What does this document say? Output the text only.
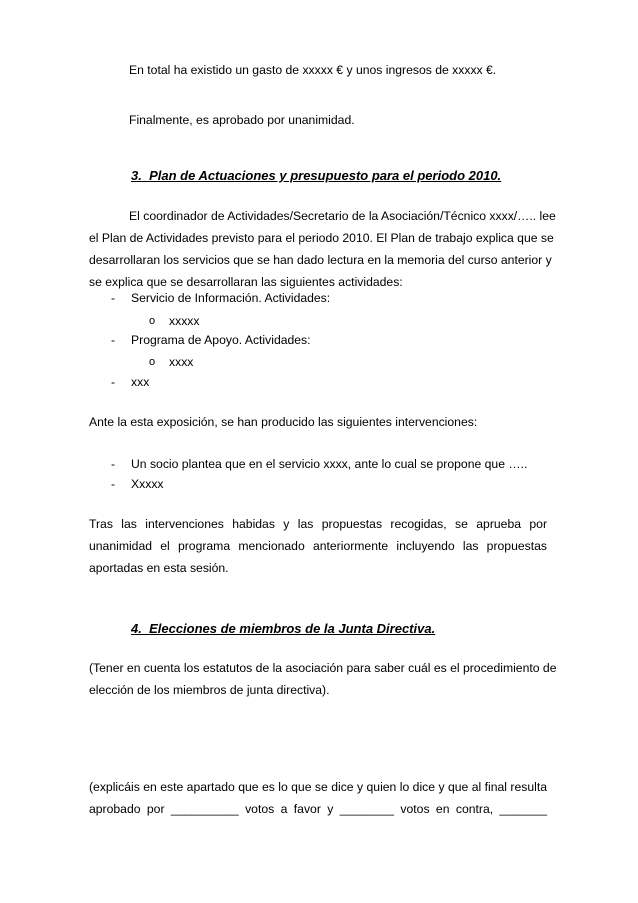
En total ha existido un gasto de xxxxx € y unos ingresos de xxxxx €.
Finalmente, es aprobado por unanimidad.
3. Plan de Actuaciones y presupuesto para el periodo 2010.
El coordinador de Actividades/Secretario de la Asociación/Técnico xxxx/….. lee
el Plan de Actividades previsto para el periodo 2010. El Plan de trabajo explica que se
desarrollaran los servicios que se han dado lectura en la memoria del curso anterior y
se explica que se desarrollaran las siguientes actividades:
- Servicio de Información. Actividades:
o xxxxx
- Programa de Apoyo. Actividades:
o xxxx
- xxx
Ante la esta exposición, se han producido las siguientes intervenciones:
- Un socio plantea que en el servicio xxxx, ante lo cual se propone que …..
- Xxxxx
Tras las intervenciones habidas y las propuestas recogidas, se aprueba por
unanimidad el programa mencionado anteriormente incluyendo las propuestas
aportadas en esta sesión.
4. Elecciones de miembros de la Junta Directiva.
(Tener en cuenta los estatutos de la asociación para saber cuál es el procedimiento de
elección de los miembros de junta directiva).
(explicáis en este apartado que es lo que se dice y quien lo dice y que al final resulta
aprobado por __________ votos a favor y ________ votos en contra, _______
